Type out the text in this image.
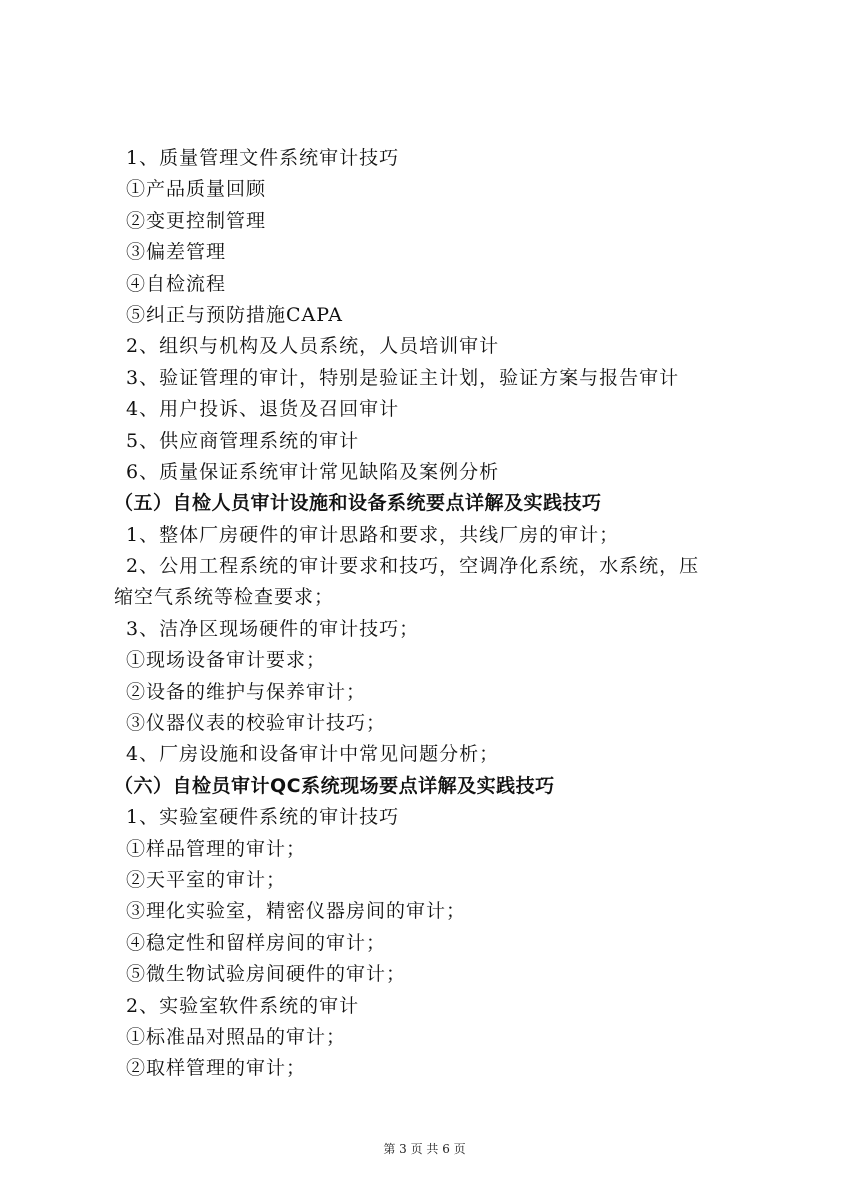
1、质量管理文件系统审计技巧
①产品质量回顾
②变更控制管理
③偏差管理
④自检流程
⑤纠正与预防措施CAPA
2、组织与机构及人员系统，人员培训审计
3、验证管理的审计，特别是验证主计划，验证方案与报告审计
4、用户投诉、退货及召回审计
5、供应商管理系统的审计
6、质量保证系统审计常见缺陷及案例分析
（五）自检人员审计设施和设备系统要点详解及实践技巧
1、整体厂房硬件的审计思路和要求，共线厂房的审计；
2、公用工程系统的审计要求和技巧，空调净化系统，水系统，压
缩空气系统等检查要求；
3、洁净区现场硬件的审计技巧；
①现场设备审计要求；
②设备的维护与保养审计；
③仪器仪表的校验审计技巧；
4、厂房设施和设备审计中常见问题分析；
（六）自检员审计QC系统现场要点详解及实践技巧
1、实验室硬件系统的审计技巧
①样品管理的审计；
②天平室的审计；
③理化实验室，精密仪器房间的审计；
④稳定性和留样房间的审计；
⑤微生物试验房间硬件的审计；
2、实验室软件系统的审计
①标准品对照品的审计；
②取样管理的审计；
第 3 页 共 6 页
